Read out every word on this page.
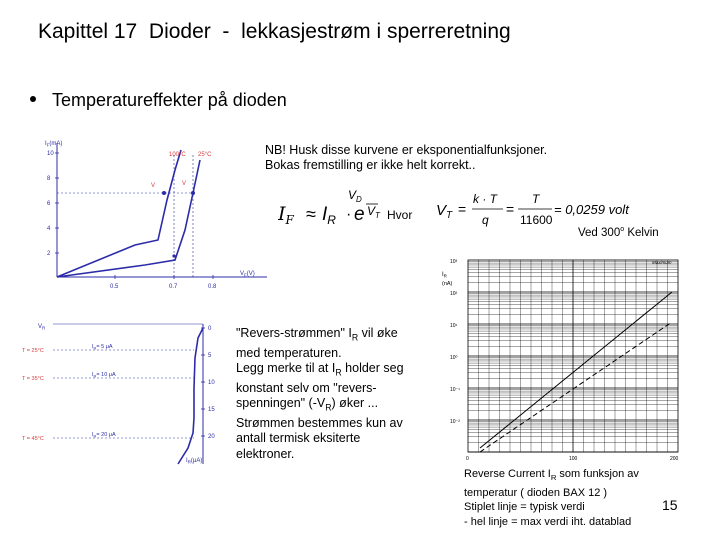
Kapittel 17  Dioder  -  lekkasjestrøm i sperreretning
Temperatureffekter på dioden
NB! Husk disse kurvene er eksponentialfunksjoner.
Bokas fremstilling er ikke helt korrekt..
$I_F \approx I_R \cdot e$
$V_D$
$V_T$ Hvor $V_T$ =
k · T
q
=
T
11600
= 0,0259 volt
Ved 300$^o$ Kelvin
$I_F(mA)$
10
8
6
4
2
0.5	0.7	0.8
$V_F(V)$
100°C 25°C
V	V
$V_R$
T = 25°C
$I_R= 5$ μA
T = 35°C
$I_R= 10$ μA
T = 45°C
$I_R= 20$ μA
0
5
10
15
20
$I_R(\mu A)$
"Revers-strømmen" $I_R$ vil øke
med temperaturen.
Legg merke til at $I_R$ holder seg
konstant selv om "revers-
spenningen" $(-V_R)$ øker ...
Strømmen bestemmes kun av
antall termisk eksiterte
elektroner.
$I_R$
(nA)
Maximum
10³
10²
10¹
10⁰
10⁻¹
10⁻²
0	100	200
Reverse Current $I_R$ som funksjon av
temperatur ( dioden BAX 12 )
Stiplet linje = typisk verdi
- hel linje = max verdi iht. datablad
15
